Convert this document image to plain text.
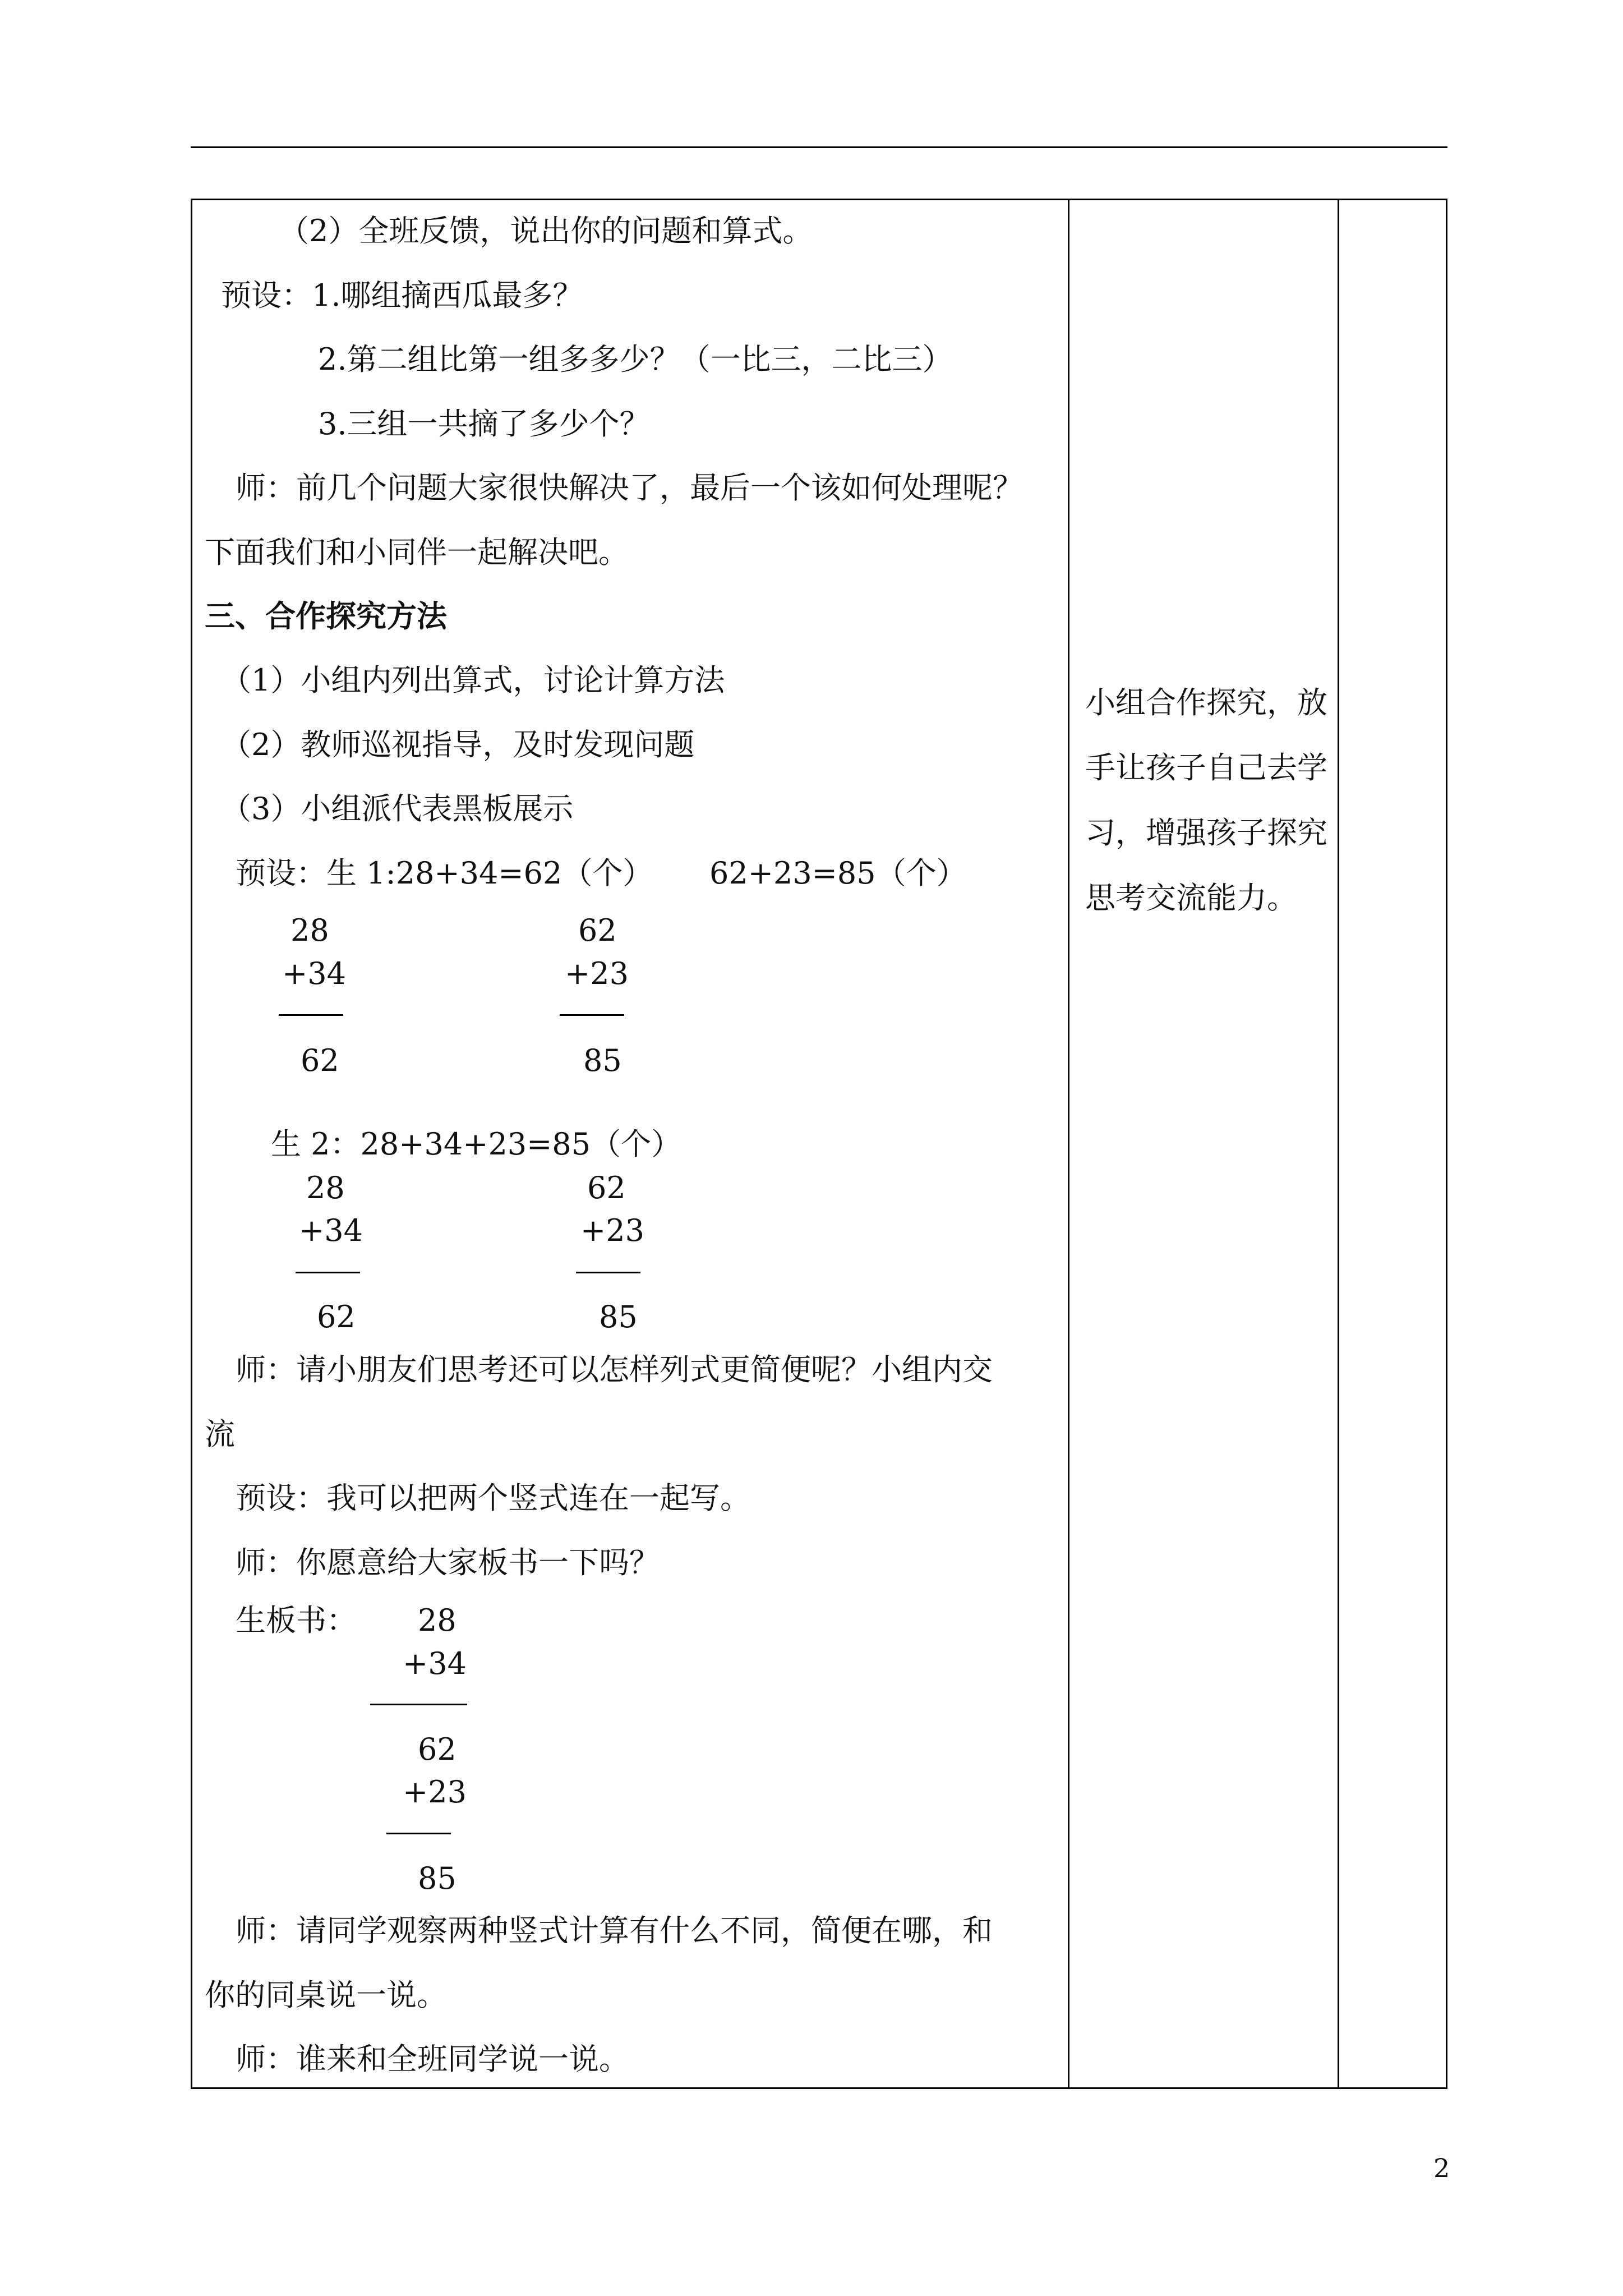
（2）全班反馈，说出你的问题和算式。
预设：1.哪组摘西瓜最多？
2.第二组比第一组多多少？（一比三，二比三）
3.三组一共摘了多少个？
师：前几个问题大家很快解决了，最后一个该如何处理呢？
下面我们和小同伴一起解决吧。
三、合作探究方法
（1）小组内列出算式，讨论计算方法
（2）教师巡视指导，及时发现问题
（3）小组派代表黑板展示
预设：生 1:28+34=62（个） 62+23=85（个）
28
+34
62
62
+23
85
生 2：28+34+23=85（个）
28
+34
62
62
+23
85
师：请小朋友们思考还可以怎样列式更简便呢？小组内交
流
预设：我可以把两个竖式连在一起写。
师：你愿意给大家板书一下吗？
生板书： 28
+34
62
+23
85
师：请同学观察两种竖式计算有什么不同，简便在哪，和
你的同桌说一说。
师：谁来和全班同学说一说。
小组合作探究，放手让孩子自己去学习，增强孩子探究思考交流能力。
2
